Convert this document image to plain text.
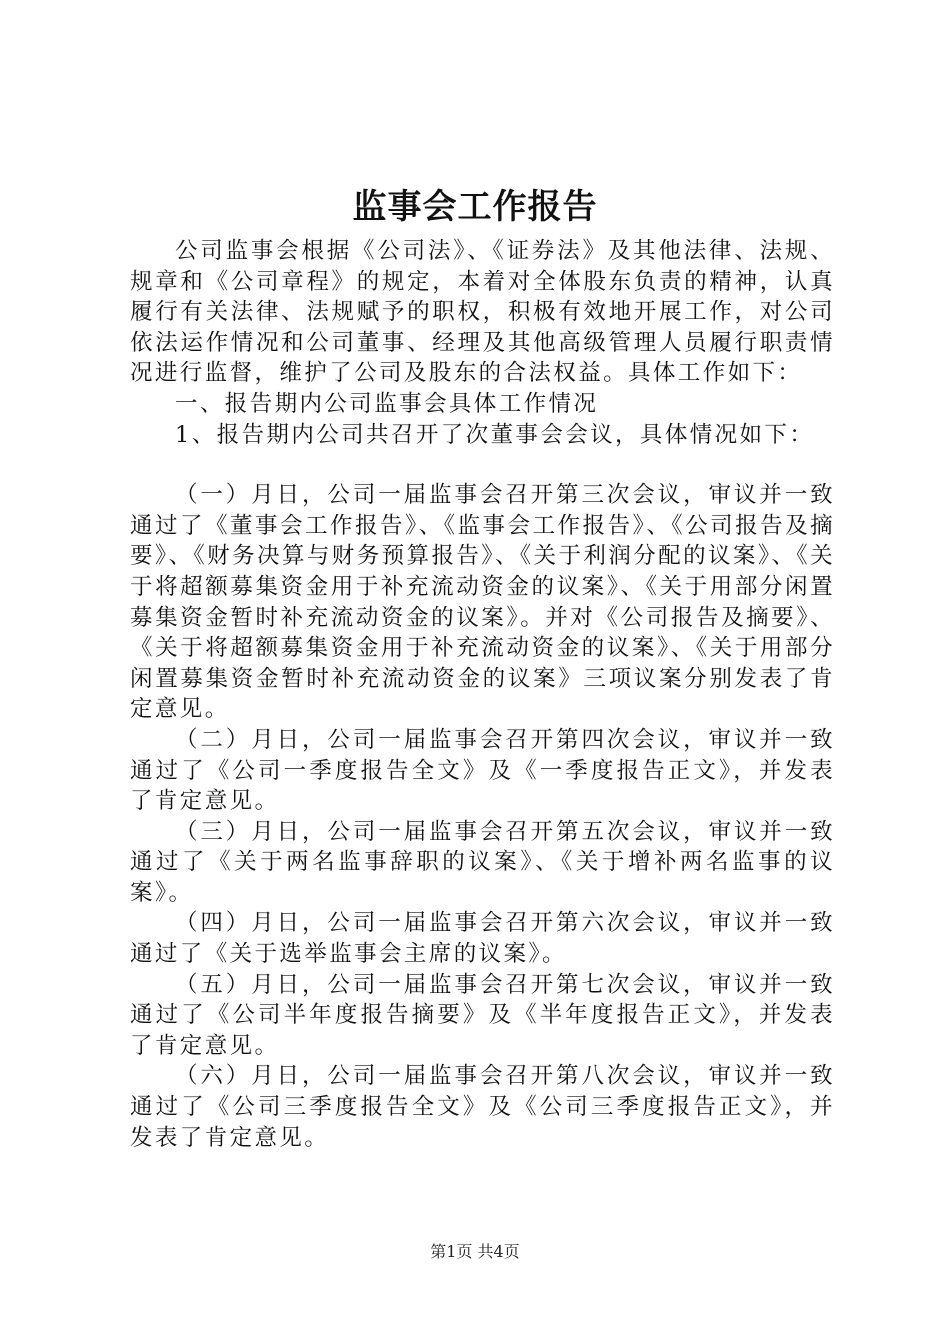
监事会工作报告

公司监事会根据《公司法》、《证券法》及其他法律、法规、规章和《公司章程》的规定，本着对全体股东负责的精神，认真履行有关法律、法规赋予的职权，积极有效地开展工作，对公司依法运作情况和公司董事、经理及其他高级管理人员履行职责情况进行监督，维护了公司及股东的合法权益。具体工作如下：

一、报告期内公司监事会具体工作情况

1、报告期内公司共召开了次董事会会议，具体情况如下：

（一）月日，公司一届监事会召开第三次会议，审议并一致通过了《董事会工作报告》、《监事会工作报告》、《公司报告及摘要》、《财务决算与财务预算报告》、《关于利润分配的议案》、《关于将超额募集资金用于补充流动资金的议案》、《关于用部分闲置募集资金暂时补充流动资金的议案》。并对《公司报告及摘要》、《关于将超额募集资金用于补充流动资金的议案》、《关于用部分闲置募集资金暂时补充流动资金的议案》三项议案分别发表了肯定意见。

（二）月日，公司一届监事会召开第四次会议，审议并一致通过了《公司一季度报告全文》及《一季度报告正文》，并发表了肯定意见。

（三）月日，公司一届监事会召开第五次会议，审议并一致通过了《关于两名监事辞职的议案》、《关于增补两名监事的议案》。

（四）月日，公司一届监事会召开第六次会议，审议并一致通过了《关于选举监事会主席的议案》。

（五）月日，公司一届监事会召开第七次会议，审议并一致通过了《公司半年度报告摘要》及《半年度报告正文》，并发表了肯定意见。

（六）月日，公司一届监事会召开第八次会议，审议并一致通过了《公司三季度报告全文》及《公司三季度报告正文》，并发表了肯定意见。

第1页 共4页
